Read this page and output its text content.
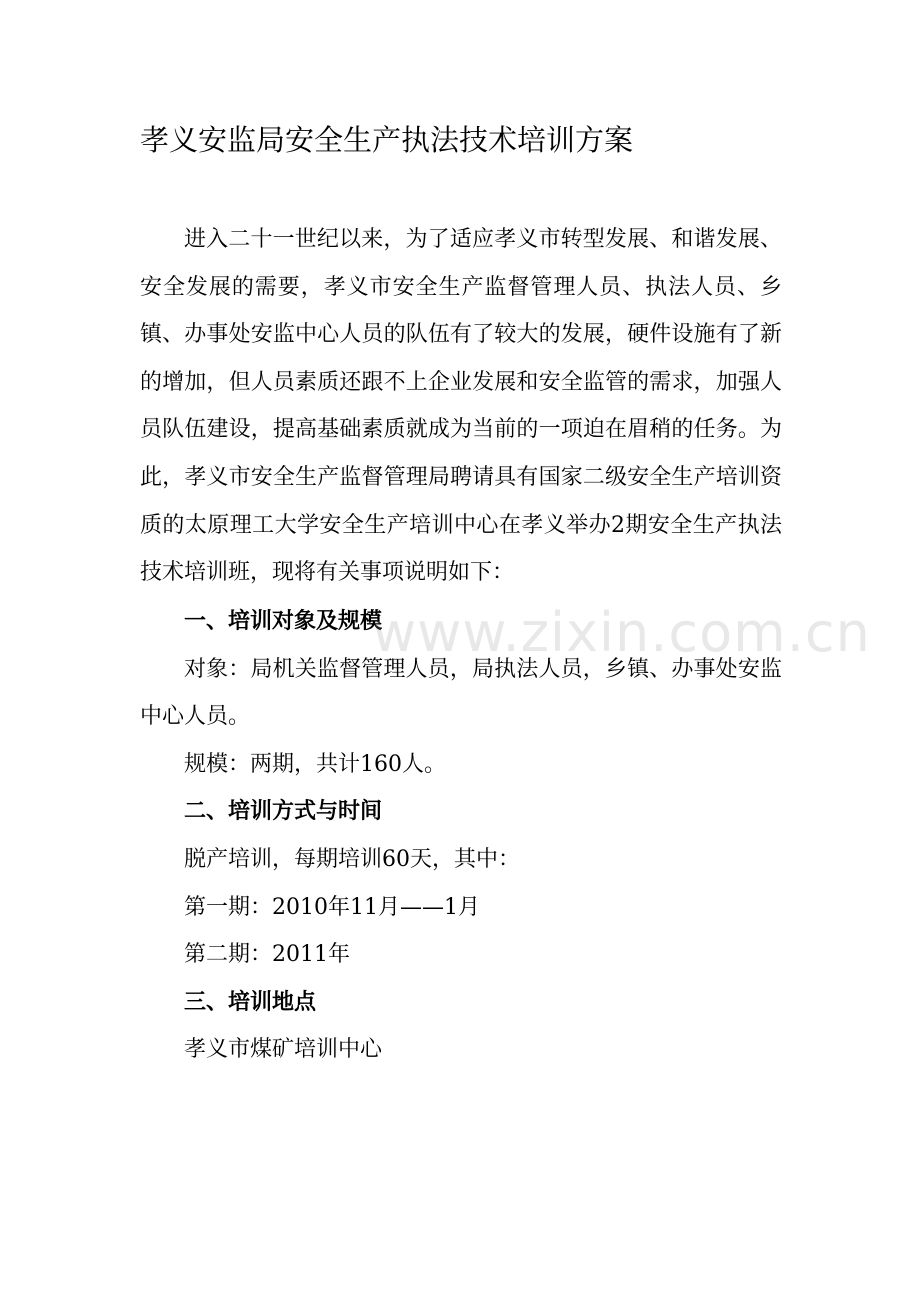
孝义安监局安全生产执法技术培训方案

进入二十一世纪以来，为了适应孝义市转型发展、和谐发展、安全发展的需要，孝义市安全生产监督管理人员、执法人员、乡镇、办事处安监中心人员的队伍有了较大的发展，硬件设施有了新的增加，但人员素质还跟不上企业发展和安全监管的需求，加强人员队伍建设，提高基础素质就成为当前的一项迫在眉稍的任务。为此，孝义市安全生产监督管理局聘请具有国家二级安全生产培训资质的太原理工大学安全生产培训中心在孝义举办2期安全生产执法技术培训班，现将有关事项说明如下：

一、培训对象及规模

对象：局机关监督管理人员，局执法人员，乡镇、办事处安监中心人员。

规模：两期，共计160人。

二、培训方式与时间

脱产培训，每期培训60天，其中：

第一期：2010年11月——1月

第二期：2011年

三、培训地点

孝义市煤矿培训中心

www.zixin.com.cn
